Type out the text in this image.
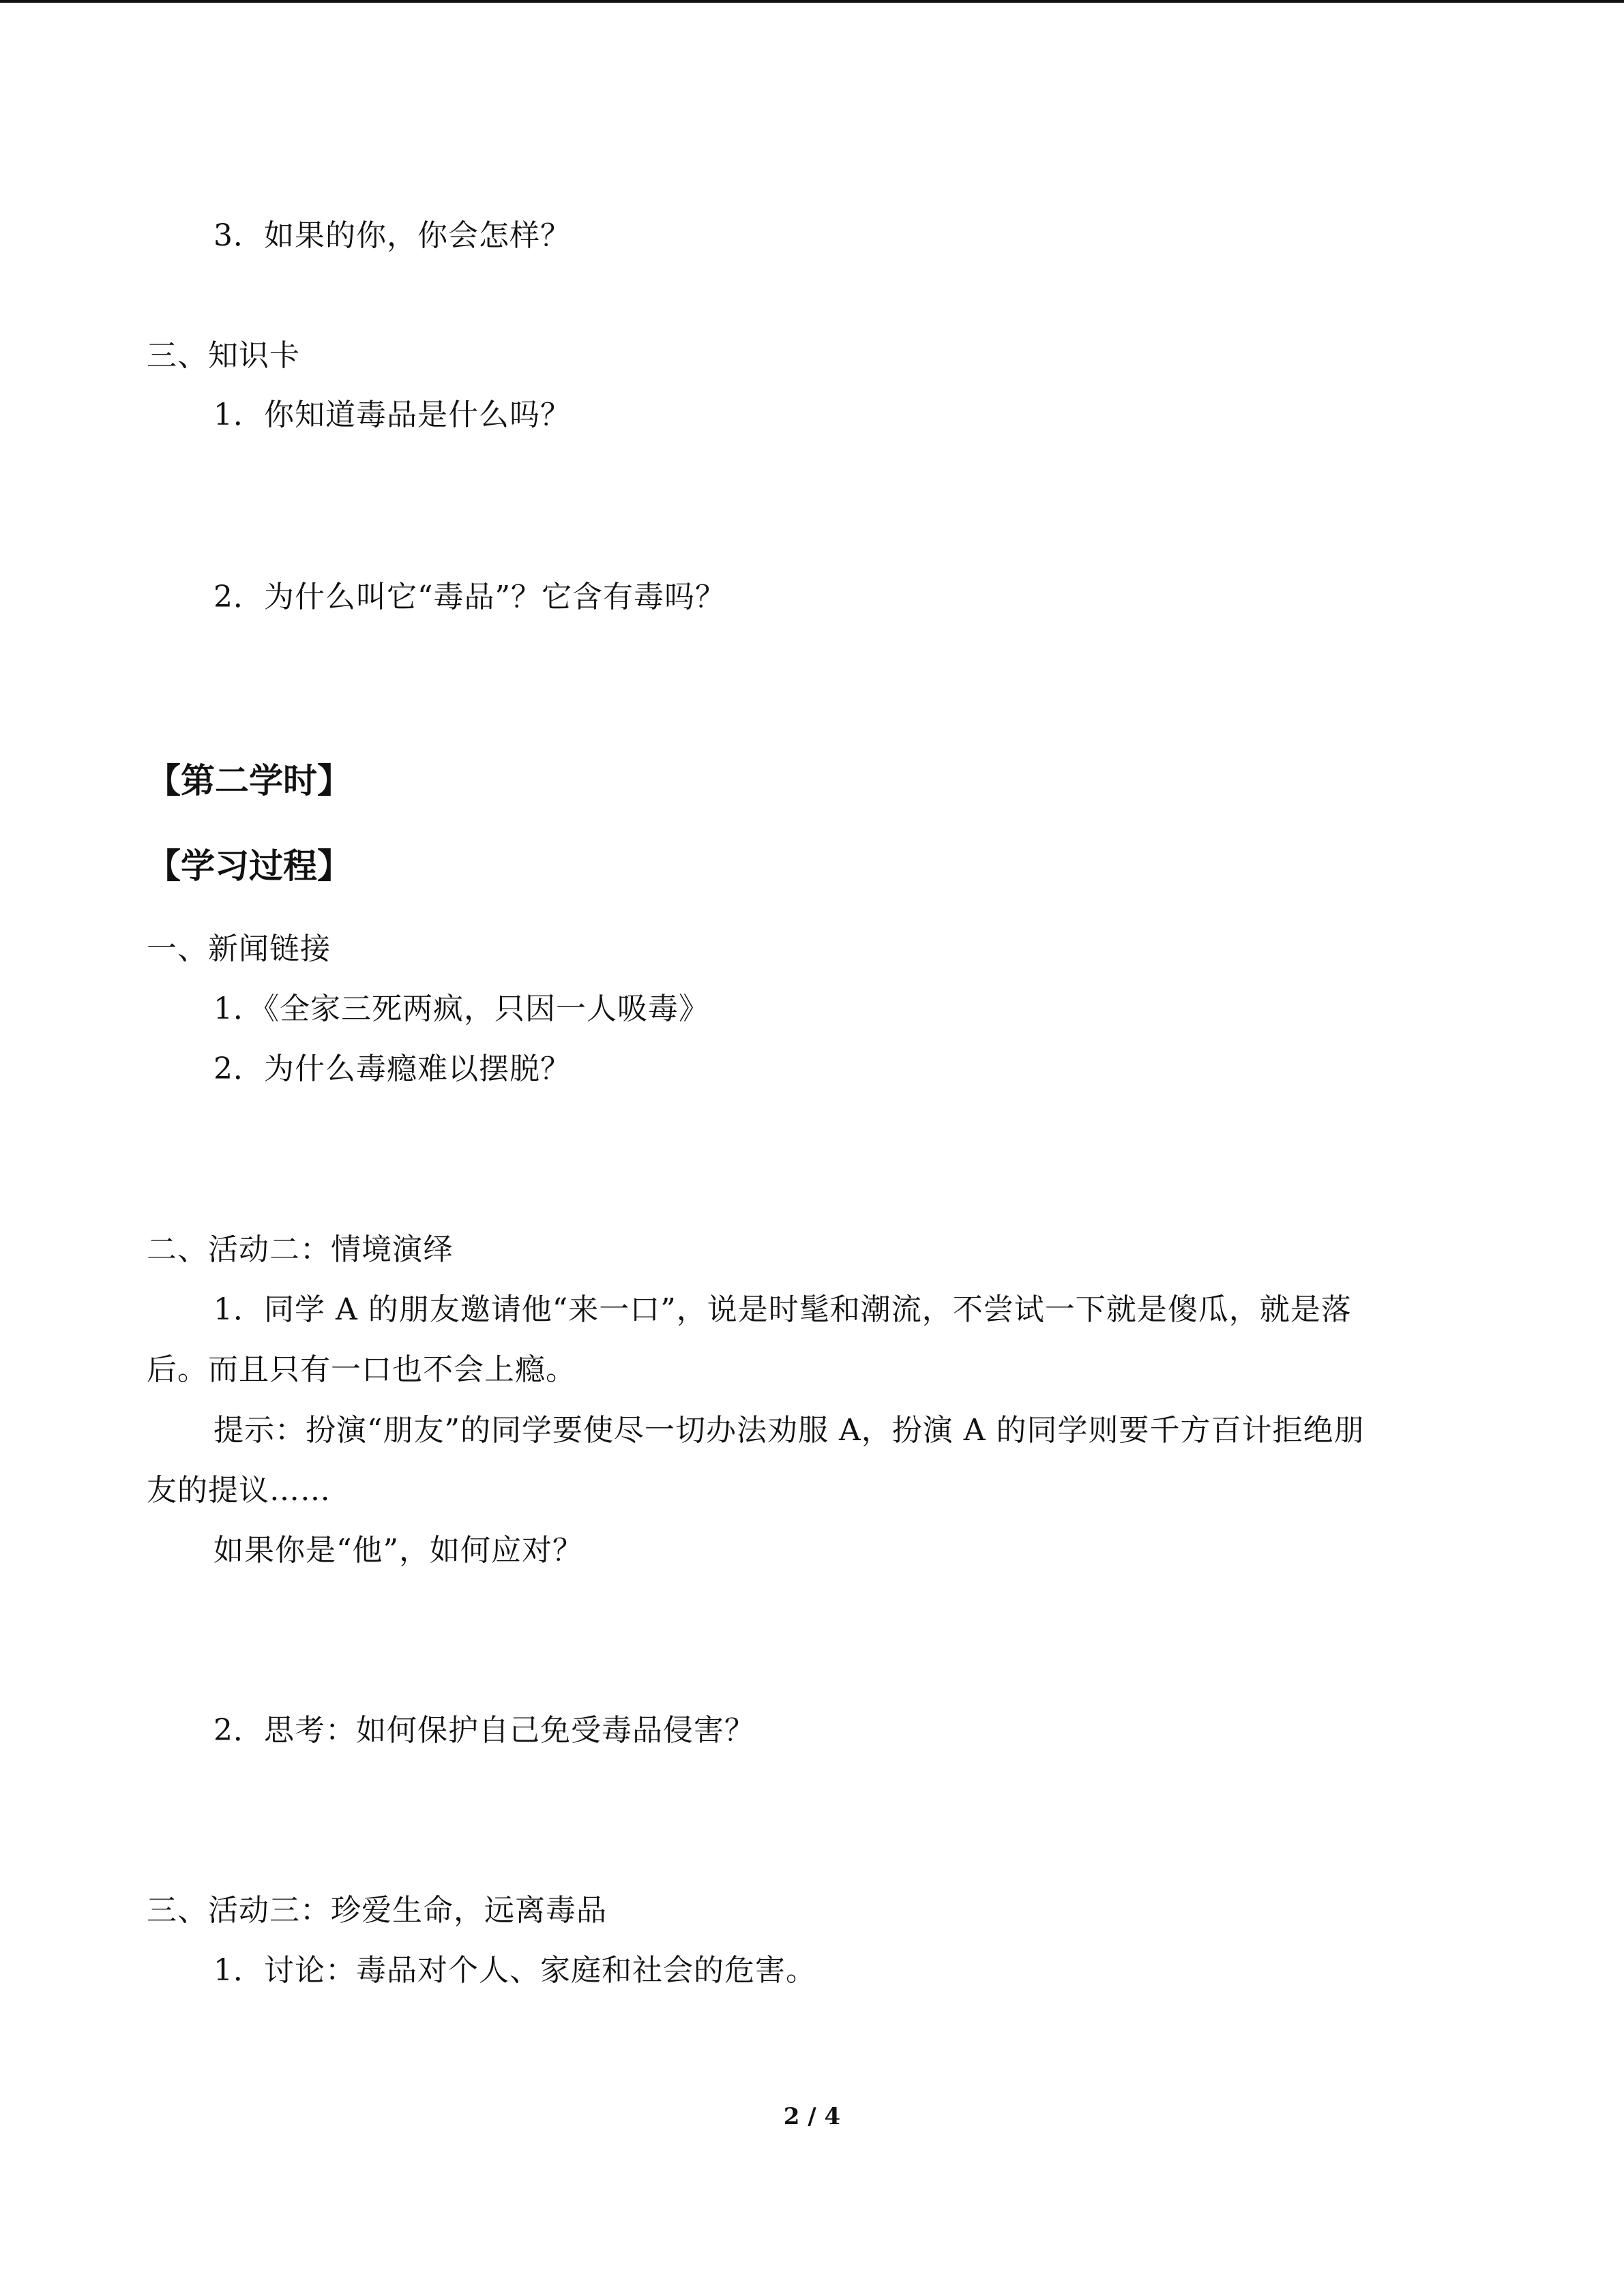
3．如果的你，你会怎样？
三、知识卡
1．你知道毒品是什么吗？
2．为什么叫它“毒品”？它含有毒吗？
【第二学时】
【学习过程】
一、新闻链接
1．《全家三死两疯，只因一人吸毒》
2．为什么毒瘾难以摆脱？
二、活动二：情境演绎
1．同学 A 的朋友邀请他“来一口”，说是时髦和潮流，不尝试一下就是傻瓜，就是落
后。而且只有一口也不会上瘾。
提示：扮演“朋友”的同学要使尽一切办法劝服 A，扮演 A 的同学则要千方百计拒绝朋
友的提议……
如果你是“他”，如何应对？
2．思考：如何保护自己免受毒品侵害？
三、活动三：珍爱生命，远离毒品
1．讨论：毒品对个人、家庭和社会的危害。
2 / 4
